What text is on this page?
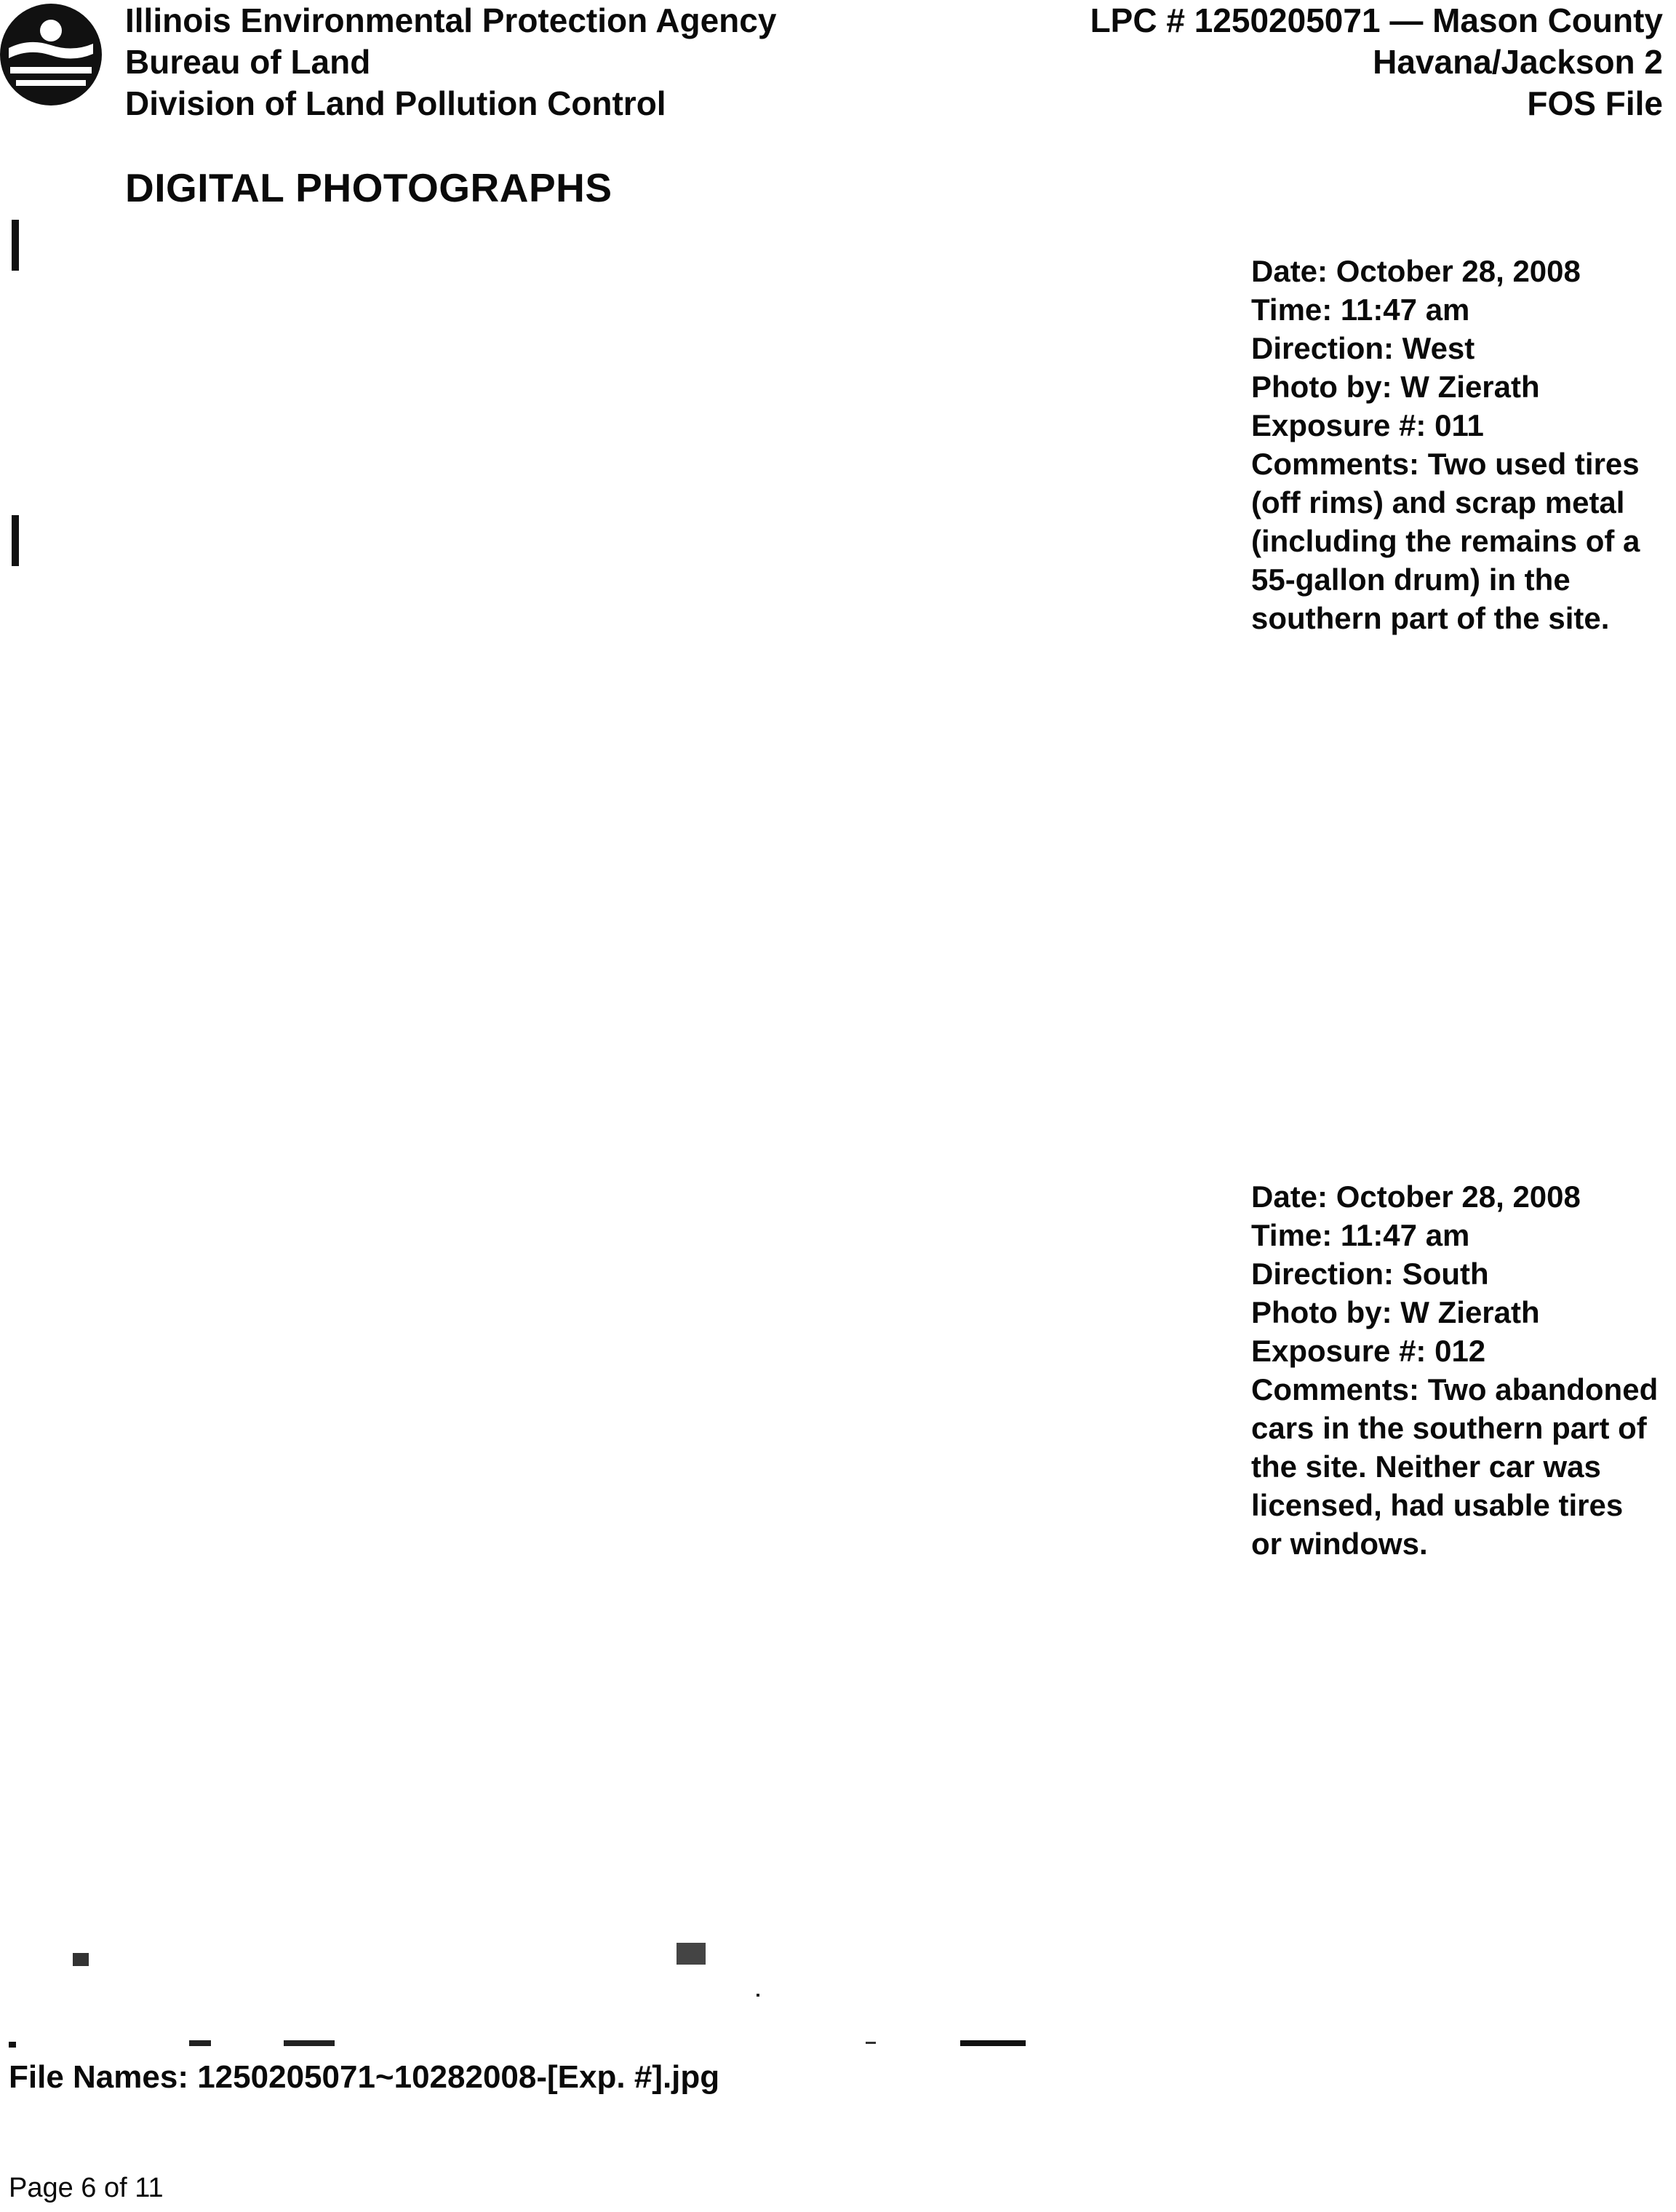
Illinois Environmental Protection Agency
Bureau of Land
Division of Land Pollution Control
LPC # 1250205071 — Mason County
Havana/Jackson 2
FOS File
DIGITAL PHOTOGRAPHS
Date: October 28, 2008
Time: 11:47 am
Direction: West
Photo by: W Zierath
Exposure #: 011
Comments: Two used tires (off rims) and scrap metal (including the remains of a 55-gallon drum) in the southern part of the site.
Date: October 28, 2008
Time: 11:47 am
Direction: South
Photo by: W Zierath
Exposure #: 012
Comments: Two abandoned cars in the southern part of the site. Neither car was licensed, had usable tires or windows.
File Names: 1250205071~10282008-[Exp. #].jpg
Page 6 of 11
